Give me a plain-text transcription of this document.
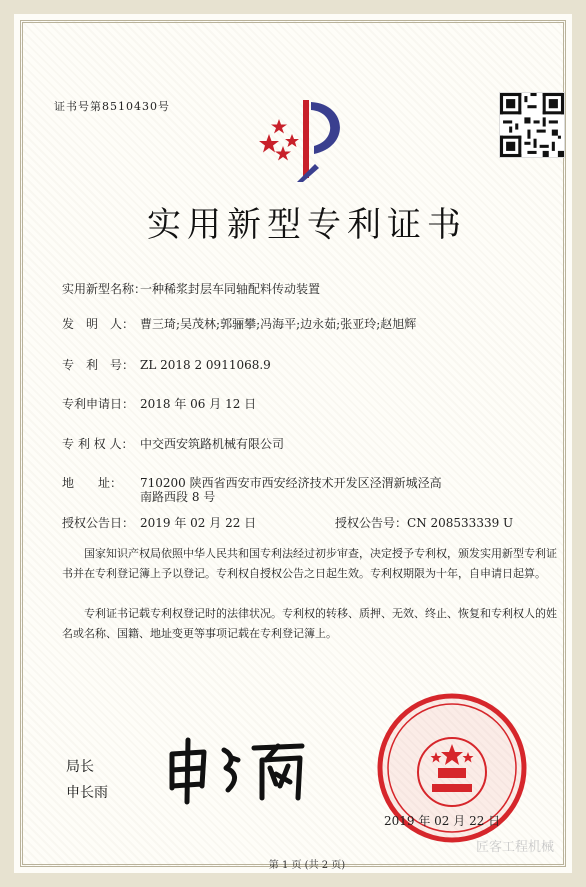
证书号第8510430号
实用新型专利证书
实用新型名称：一种稀浆封层车同轴配料传动装置
发　明　人： 曹三琦;吴茂林;郭骊攀;冯海平;边永茹;张亚玲;赵旭辉
专　利　号： ZL 2018 2 0911068.9
专利申请日： 2018 年 06 月 12 日
专 利 权 人： 中交西安筑路机械有限公司
地　　址： 710200 陕西省西安市西安经济技术开发区泾渭新城泾高
南路西段 8 号
授权公告日： 2019 年 02 月 22 日	授权公告号：CN 208533339 U
国家知识产权局依照中华人民共和国专利法经过初步审查，决定授予专利权，颁发实用新型专利证书并在专利登记簿上予以登记。专利权自授权公告之日起生效。专利权期限为十年，自申请日起算。
专利证书记载专利权登记时的法律状况。专利权的转移、质押、无效、终止、恢复和专利权人的姓名或名称、国籍、地址变更等事项记载在专利登记簿上。
局长
申长雨
2019 年 02 月 22 日
第 1 页 (共 2 页)
匠客工程机械
